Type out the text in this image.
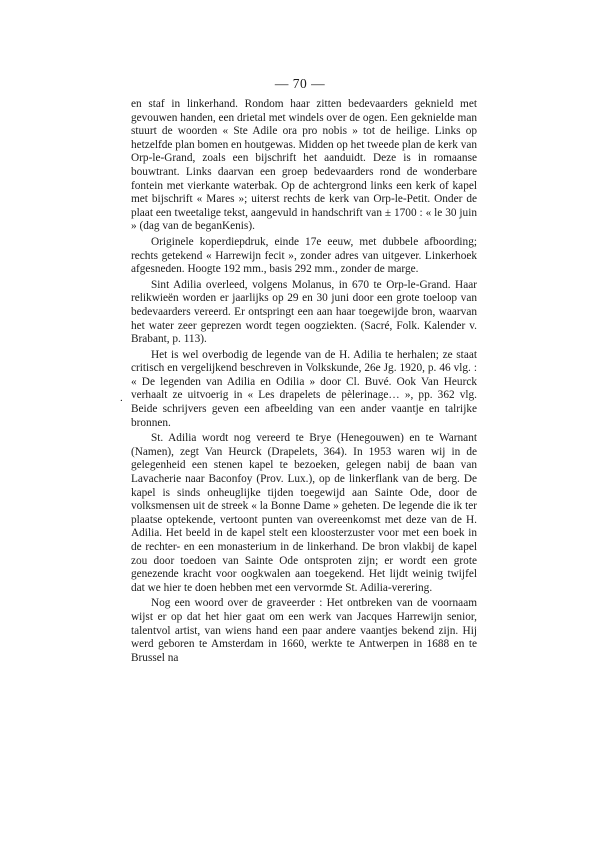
— 70 —
.

en staf in linkerhand. Rondom haar zitten bedevaarders geknield met gevouwen handen, een drietal met windels over de ogen. Een geknielde man stuurt de woorden « Ste Adile ora pro nobis » tot de heilige. Links op hetzelfde plan bomen en houtgewas. Midden op het tweede plan de kerk van Orp-le-Grand, zoals een bijschrift het aanduidt. Deze is in romaanse bouwtrant. Links daarvan een groep bedevaarders rond de wonderbare fontein met vierkante waterbak. Op de achtergrond links een kerk of kapel met bijschrift « Mares »; uiterst rechts de kerk van Orp-le-Petit. Onder de plaat een tweetalige tekst, aangevuld in handschrift van ± 1700 : « le 30 juin » (dag van de beganKenis).

Originele koperdiepdruk, einde 17e eeuw, met dubbele afboording; rechts getekend « Harrewijn fecit », zonder adres van uitgever. Linkerhoek afgesneden. Hoogte 192 mm., basis 292 mm., zonder de marge.

Sint Adilia overleed, volgens Molanus, in 670 te Orp-le-Grand. Haar relikwieën worden er jaarlijks op 29 en 30 juni door een grote toeloop van bedevaarders vereerd. Er ontspringt een aan haar toegewijde bron, waarvan het water zeer geprezen wordt tegen oogziekten. (Sacré, Folk. Kalender v. Brabant, p. 113).

Het is wel overbodig de legende van de H. Adilia te herhalen; ze staat critisch en vergelijkend beschreven in Volkskunde, 26e Jg. 1920, p. 46 vlg. : « De legenden van Adilia en Odilia » door Cl. Buvé. Ook Van Heurck verhaalt ze uitvoerig in « Les drapelets de pèlerinage… », pp. 362 vlg. Beide schrijvers geven een afbeelding van een ander vaantje en talrijke bronnen.

St. Adilia wordt nog vereerd te Brye (Henegouwen) en te Warnant (Namen), zegt Van Heurck (Drapelets, 364). In 1953 waren wij in de gelegenheid een stenen kapel te bezoeken, gelegen nabij de baan van Lavacherie naar Baconfoy (Prov. Lux.), op de linkerflank van de berg. De kapel is sinds onheuglijke tijden toegewijd aan Sainte Ode, door de volksmensen uit de streek « la Bonne Dame » geheten. De legende die ik ter plaatse optekende, vertoont punten van overeenkomst met deze van de H. Adilia. Het beeld in de kapel stelt een kloosterzuster voor met een boek in de rechter- en een monasterium in de linkerhand. De bron vlakbij de kapel zou door toedoen van Sainte Ode ontsproten zijn; er wordt een grote genezende kracht voor oogkwalen aan toegekend. Het lijdt weinig twijfel dat we hier te doen hebben met een vervormde St. Adilia-verering.

Nog een woord over de graveerder : Het ontbreken van de voornaam wijst er op dat het hier gaat om een werk van Jacques Harrewijn senior, talentvol artist, van wiens hand een paar andere vaantjes bekend zijn. Hij werd geboren te Amsterdam in 1660, werkte te Antwerpen in 1688 en te Brussel na
